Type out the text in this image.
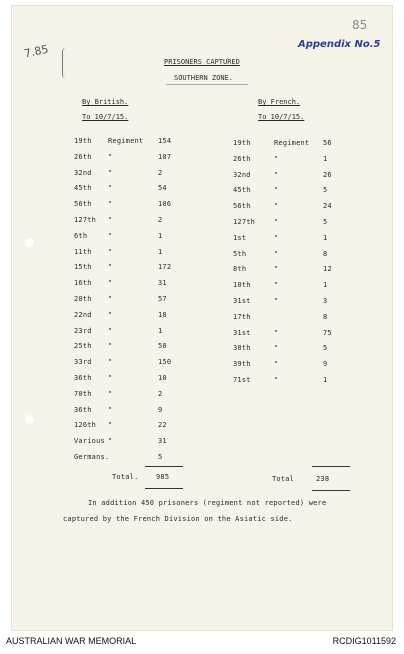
85
Appendix No.5
7.85
PRISONERS CAPTURED
SOUTHERN ZONE.
By British.
To 10/7/15.
By French.
To 10/7/15.
19th Regiment 154
26th "	107
32nd "	2
45th "	54
56th "	106
127th "	2
6th	"	1
11th "	1
15th "	172
16th "	31
20th "	57
22nd "	18
23rd "	1
25th "	50
33rd "	150
36th "	10
70th "	2
36th "	9
126th "	22
Various "	31
Germans.	5
19th	Regiment 56
26th	"	1
32nd	"	26
45th	"	5
56th	"	24
127th	"	5
1st	"	1
5th	"	8
8th	"	12
10th	"	1
31st	"	3
17th	8
31st	"	75
38th	"	5
39th	"	9
71st	"	1
Total.	985	Total	238
In addition 450 prisoners (regiment not reported) were
captured by the French Division on the Asiatic side.
AUSTRALIAN WAR MEMORIAL	RCDIG1011592
